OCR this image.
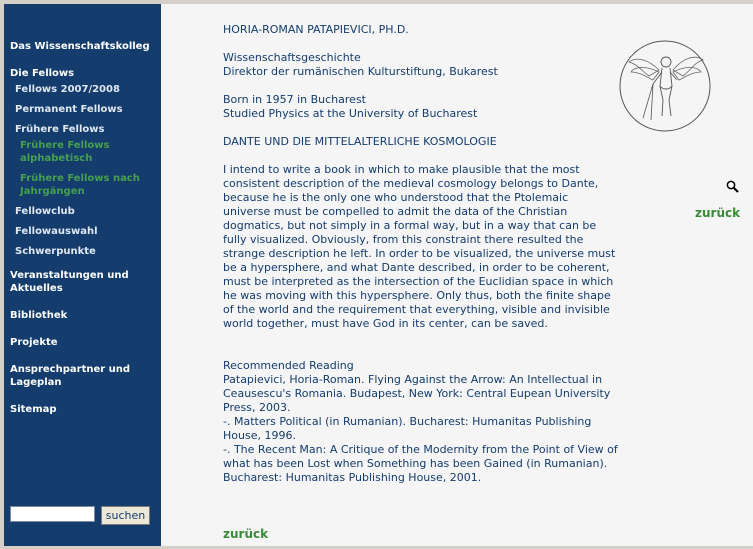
Das Wissenschaftskolleg
Die Fellows
Fellows 2007/2008
Permanent Fellows
Frühere Fellows
Frühere Fellows alphabetisch
Frühere Fellows nach Jahrgängen
Fellowclub
Fellowauswahl
Schwerpunkte
Veranstaltungen und Aktuelles
Bibliothek
Projekte
Ansprechpartner und Lageplan
Sitemap
suchen
HORIA-ROMAN PATAPIEVICI, PH.D.

Wissenschaftsgeschichte

Direktor der rumänischen Kulturstiftung, Bukarest

Born in 1957 in Bucharest

Studied Physics at the University of Bucharest

DANTE UND DIE MITTELALTERLICHE KOSMOLOGIE
I intend to write a book in which to make plausible that the most consistent description of the medieval cosmology belongs to Dante, because he is the only one who understood that the Ptolemaic universe must be compelled to admit the data of the Christian dogmatics, but not simply in a formal way, but in a way that can be fully visualized. Obviously, from this constraint there resulted the strange description he left. In order to be visualized, the universe must be a hypersphere, and what Dante described, in order to be coherent, must be interpreted as the intersection of the Euclidian space in which he was moving with this hypersphere. Only thus, both the finite shape of the world and the requirement that everything, visible and invisible world together, must have God in its center, can be saved.

Recommended Reading

Patapievici, Horia-Roman. Flying Against the Arrow: An Intellectual in Ceausescu's Romania. Budapest, New York: Central Eupean University Press, 2003.

-. Matters Political (in Rumanian). Bucharest: Humanitas Publishing House, 1996.

-. The Recent Man: A Critique of the Modernity from the Point of View of what has been Lost when Something has been Gained (in Rumanian).

Bucharest: Humanitas Publishing House, 2001.

zurück
zurück
